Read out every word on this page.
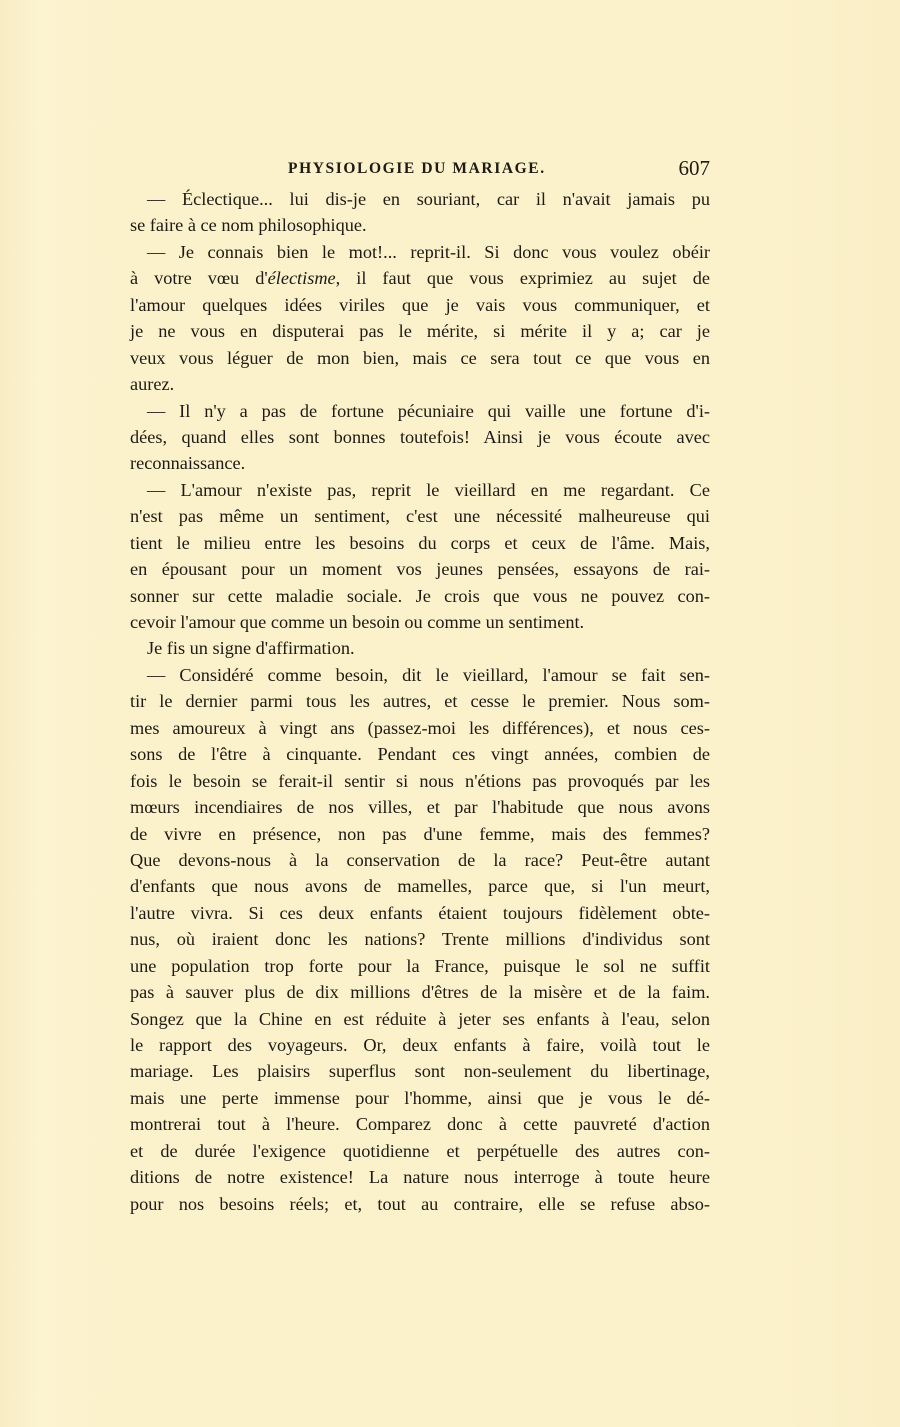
PHYSIOLOGIE DU MARIAGE.	607
— Éclectique... lui dis-je en souriant, car il n'avait jamais pu
se faire à ce nom philosophique.
— Je connais bien le mot!... reprit-il. Si donc vous voulez obéir
à votre vœu d'électisme, il faut que vous exprimiez au sujet de
l'amour quelques idées viriles que je vais vous communiquer, et
je ne vous en disputerai pas le mérite, si mérite il y a; car je
veux vous léguer de mon bien, mais ce sera tout ce que vous en
aurez.
— Il n'y a pas de fortune pécuniaire qui vaille une fortune d'i-
dées, quand elles sont bonnes toutefois! Ainsi je vous écoute avec
reconnaissance.
— L'amour n'existe pas, reprit le vieillard en me regardant. Ce
n'est pas même un sentiment, c'est une nécessité malheureuse qui
tient le milieu entre les besoins du corps et ceux de l'âme. Mais,
en épousant pour un moment vos jeunes pensées, essayons de rai-
sonner sur cette maladie sociale. Je crois que vous ne pouvez con-
cevoir l'amour que comme un besoin ou comme un sentiment.
Je fis un signe d'affirmation.
— Considéré comme besoin, dit le vieillard, l'amour se fait sen-
tir le dernier parmi tous les autres, et cesse le premier. Nous som-
mes amoureux à vingt ans (passez-moi les différences), et nous ces-
sons de l'être à cinquante. Pendant ces vingt années, combien de
fois le besoin se ferait-il sentir si nous n'étions pas provoqués par les
mœurs incendiaires de nos villes, et par l'habitude que nous avons
de vivre en présence, non pas d'une femme, mais des femmes?
Que devons-nous à la conservation de la race? Peut-être autant
d'enfants que nous avons de mamelles, parce que, si l'un meurt,
l'autre vivra. Si ces deux enfants étaient toujours fidèlement obte-
nus, où iraient donc les nations? Trente millions d'individus sont
une population trop forte pour la France, puisque le sol ne suffit
pas à sauver plus de dix millions d'êtres de la misère et de la faim.
Songez que la Chine en est réduite à jeter ses enfants à l'eau, selon
le rapport des voyageurs. Or, deux enfants à faire, voilà tout le
mariage. Les plaisirs superflus sont non-seulement du libertinage,
mais une perte immense pour l'homme, ainsi que je vous le dé-
montrerai tout à l'heure. Comparez donc à cette pauvreté d'action
et de durée l'exigence quotidienne et perpétuelle des autres con-
ditions de notre existence! La nature nous interroge à toute heure
pour nos besoins réels; et, tout au contraire, elle se refuse abso-
